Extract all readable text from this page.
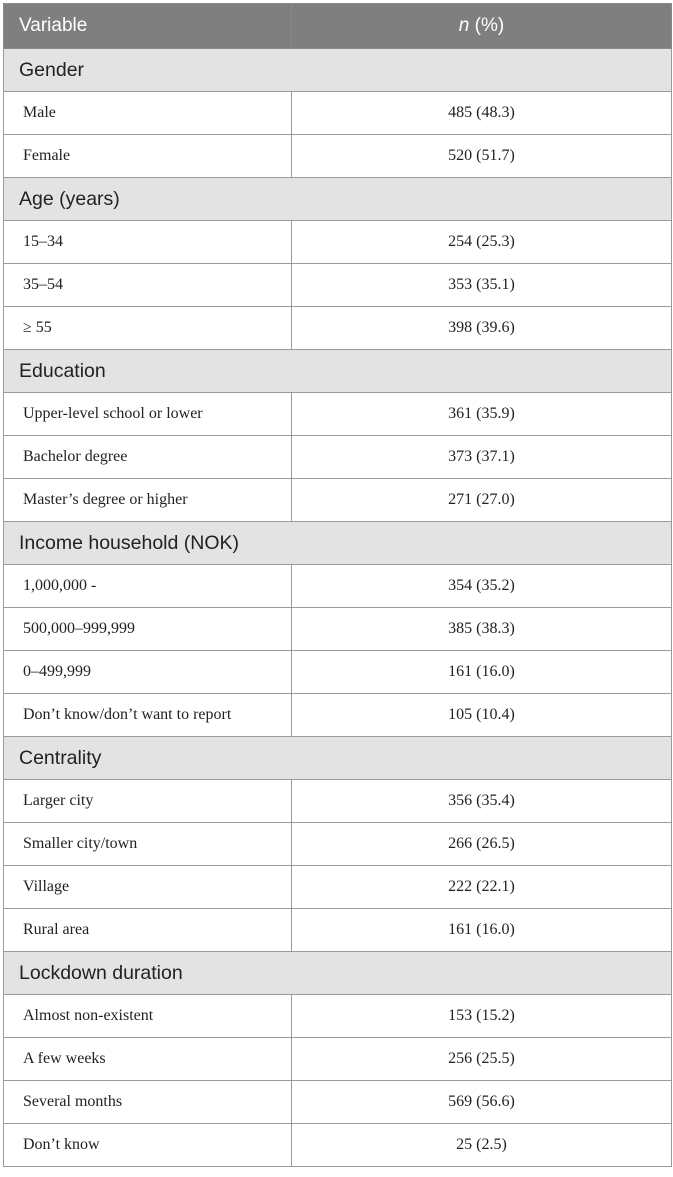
Variable	n (%)
Gender	
Male	485 (48.3)
Female	520 (51.7)
Age (years)	
15–34	254 (25.3)
35–54	353 (35.1)
≥ 55	398 (39.6)
Education	
Upper-level school or lower	361 (35.9)
Bachelor degree	373 (37.1)
Master’s degree or higher	271 (27.0)
Income household (NOK)	
1,000,000 -	354 (35.2)
500,000–999,999	385 (38.3)
0–499,999	161 (16.0)
Don’t know/don’t want to report	105 (10.4)
Centrality	
Larger city	356 (35.4)
Smaller city/town	266 (26.5)
Village	222 (22.1)
Rural area	161 (16.0)
Lockdown duration	
Almost non-existent	153 (15.2)
A few weeks	256 (25.5)
Several months	569 (56.6)
Don’t know	25 (2.5)
